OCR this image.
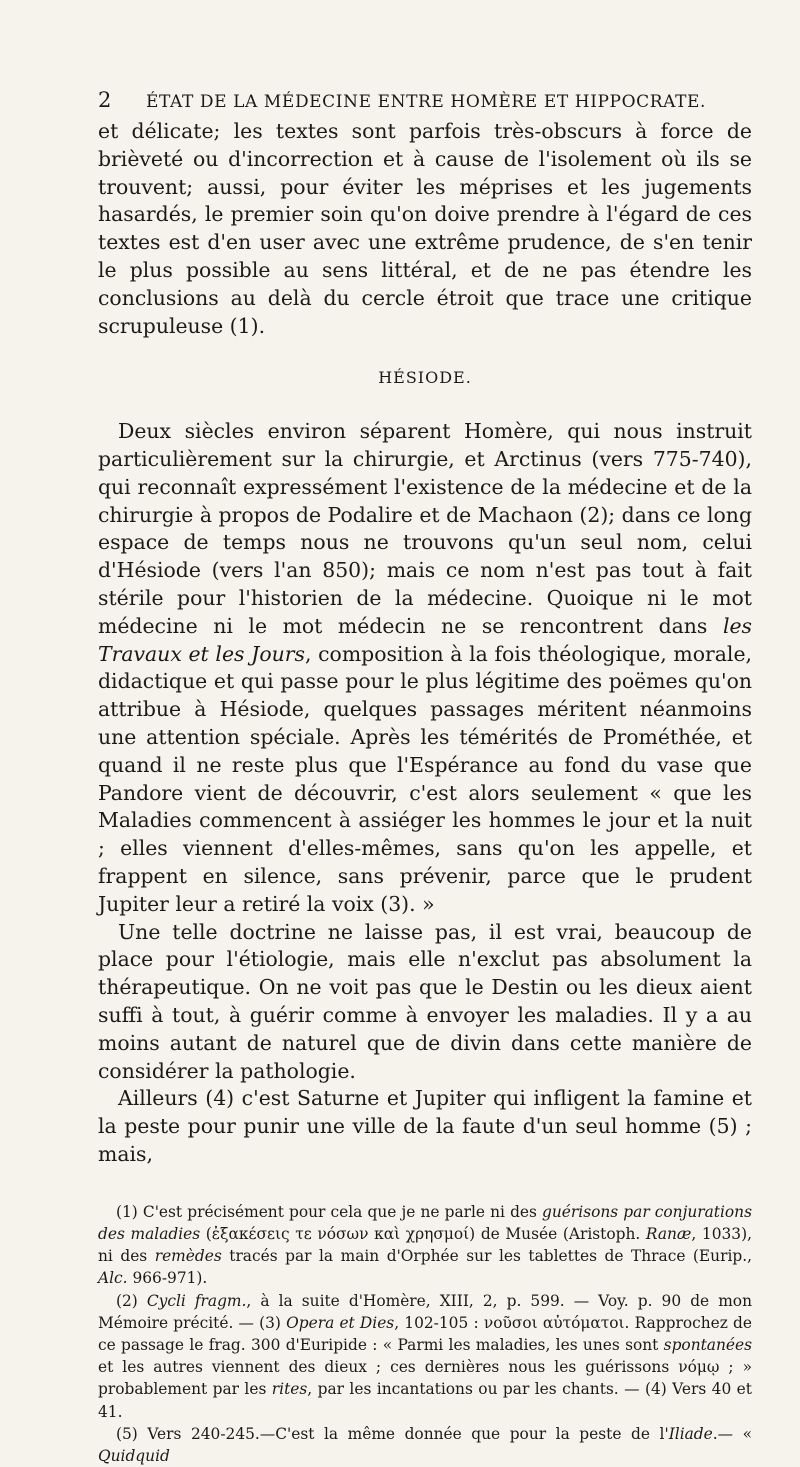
2	ÉTAT DE LA MÉDECINE ENTRE HOMÈRE ET HIPPOCRATE.

et délicate; les textes sont parfois très-obscurs à force de brièveté ou d'incorrection et à cause de l'isolement où ils se trouvent; aussi, pour éviter les méprises et les jugements hasardés, le premier soin qu'on doive prendre à l'égard de ces textes est d'en user avec une extrême prudence, de s'en tenir le plus possible au sens littéral, et de ne pas étendre les conclusions au delà du cercle étroit que trace une critique scrupuleuse (1).

HÉSIODE.

Deux siècles environ séparent Homère, qui nous instruit particulièrement sur la chirurgie, et Arctinus (vers 775-740), qui reconnaît expressément l'existence de la médecine et de la chirurgie à propos de Podalire et de Machaon (2); dans ce long espace de temps nous ne trouvons qu'un seul nom, celui d'Hésiode (vers l'an 850); mais ce nom n'est pas tout à fait stérile pour l'historien de la médecine. Quoique ni le mot médecine ni le mot médecin ne se rencontrent dans les Travaux et les Jours, composition à la fois théologique, morale, didactique et qui passe pour le plus légitime des poëmes qu'on attribue à Hésiode, quelques passages méritent néanmoins une attention spéciale. Après les témérités de Prométhée, et quand il ne reste plus que l'Espérance au fond du vase que Pandore vient de découvrir, c'est alors seulement « que les Maladies commencent à assiéger les hommes le jour et la nuit ; elles viennent d'elles-mêmes, sans qu'on les appelle, et frappent en silence, sans prévenir, parce que le prudent Jupiter leur a retiré la voix (3). »

Une telle doctrine ne laisse pas, il est vrai, beaucoup de place pour l'étiologie, mais elle n'exclut pas absolument la thérapeutique. On ne voit pas que le Destin ou les dieux aient suffi à tout, à guérir comme à envoyer les maladies. Il y a au moins autant de naturel que de divin dans cette manière de considérer la pathologie.

Ailleurs (4) c'est Saturne et Jupiter qui infligent la famine et la peste pour punir une ville de la faute d'un seul homme (5) ; mais,

(1) C'est précisément pour cela que je ne parle ni des guérisons par conjurations des maladies (ἐξακέσεις τε νόσων καὶ χρησμοί) de Musée (Aristoph. Ranæ, 1033), ni des remèdes tracés par la main d'Orphée sur les tablettes de Thrace (Eurip., Alc. 966-971).

(2) Cycli fragm., à la suite d'Homère, XIII, 2, p. 599. — Voy. p. 90 de mon Mémoire précité. — (3) Opera et Dies, 102-105 : νοῦσοι αὐτόματοι. Rapprochez de ce passage le frag. 300 d'Euripide : « Parmi les maladies, les unes sont spontanées et les autres viennent des dieux ; ces dernières nous les guérissons νόμῳ ; » probablement par les rites, par les incantations ou par les chants. — (4) Vers 40 et 41.

(5) Vers 240-245.—C'est la même donnée que pour la peste de l'Iliade.— « Quidquid
